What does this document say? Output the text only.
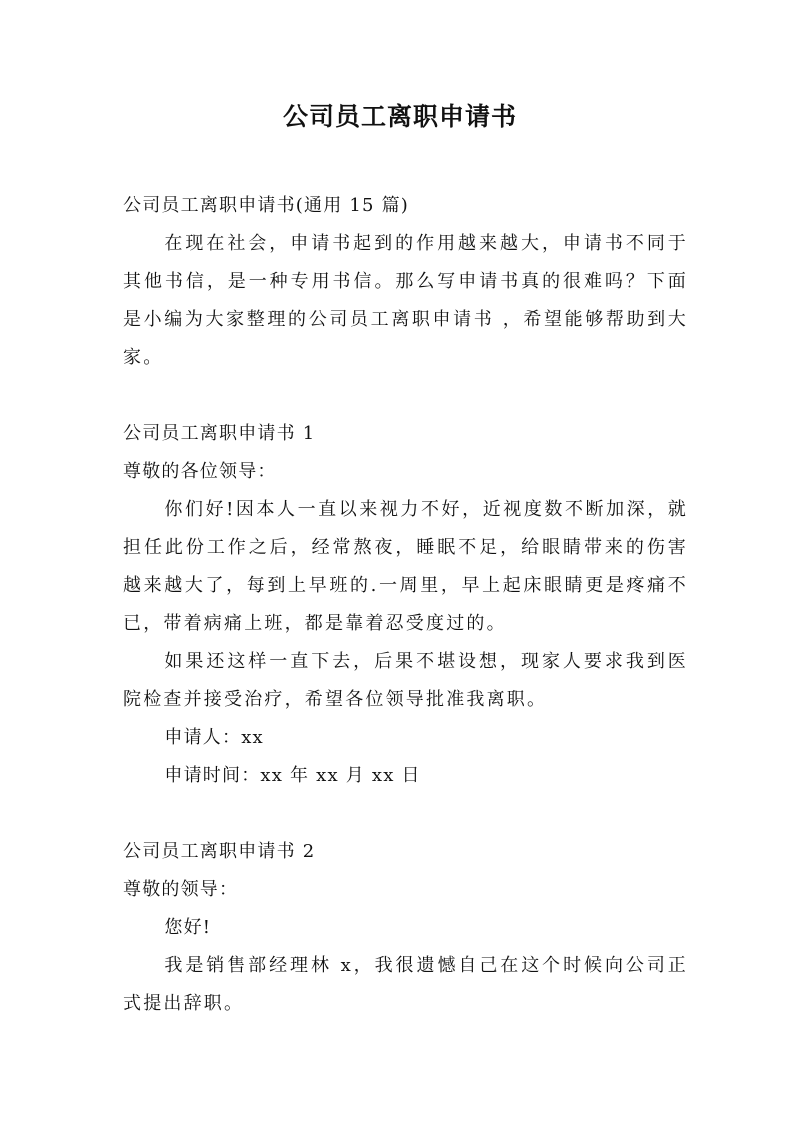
公司员工离职申请书

公司员工离职申请书(通用 15 篇)

在现在社会，申请书起到的作用越来越大，申请书不同于其他书信，是一种专用书信。那么写申请书真的很难吗？下面是小编为大家整理的公司员工离职申请书 ，希望能够帮助到大家。

公司员工离职申请书 1

尊敬的各位领导：

你们好!因本人一直以来视力不好，近视度数不断加深，就担任此份工作之后，经常熬夜，睡眠不足，给眼睛带来的伤害越来越大了，每到上早班的.一周里，早上起床眼睛更是疼痛不已，带着病痛上班，都是靠着忍受度过的。

如果还这样一直下去，后果不堪设想，现家人要求我到医院检查并接受治疗，希望各位领导批准我离职。

申请人：xx

申请时间：xx 年 xx 月 xx 日

公司员工离职申请书 2

尊敬的领导：

您好!

我是销售部经理林 x，我很遗憾自己在这个时候向公司正式提出辞职。
